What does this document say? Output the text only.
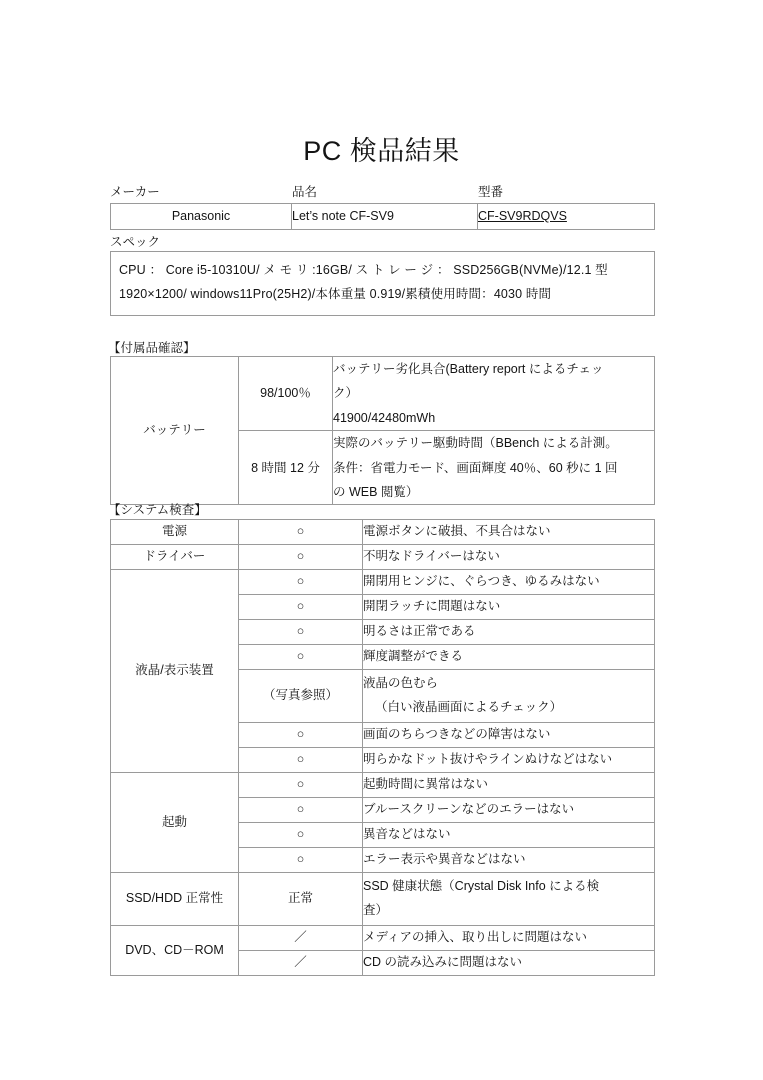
PC 検品結果
メーカー	品名	型番
Panasonic	Let’s note CF-SV9	CF-SV9RDQVS
スペック
CPU ： Core i5-10310U/ メ モ リ :16GB/ ス ト レ ー ジ ： SSD256GB(NVMe)/12.1 型
1920×1200/ windows11Pro(25H2)/本体重量 0.919/累積使用時間：4030 時間
【付属品確認】
バッテリー	98/100％	バッテリー劣化具合(Battery report によるチェッ
ク）
41900/42480mWh

	8 時間 12 分	実際のバッテリー駆動時間（BBench による計測。
条件：省電力モード、画面輝度 40％、60 秒に 1 回
の WEB 閲覧）
【システム検査】
電源	○	電源ボタンに破損、不具合はない
ドライバー	○	不明なドライバーはない
液晶/表示装置	○	開閉用ヒンジに、ぐらつき、ゆるみはない
	○	開閉ラッチに問題はない
	○	明るさは正常である
	○	輝度調整ができる
	（写真参照）	液晶の色むら
（白い液晶画面によるチェック）

	○	画面のちらつきなどの障害はない
	○	明らかなドット抜けやラインぬけなどはない
起動	○	起動時間に異常はない
	○	ブルースクリーンなどのエラーはない
	○	異音などはない
	○	エラー表示や異音などはない
SSD/HDD 正常性	正常	SSD 健康状態（Crystal Disk Info による検
査）

DVD、CD－ROM	／	メディアの挿入、取り出しに問題はない
	／	CD の読み込みに問題はない
